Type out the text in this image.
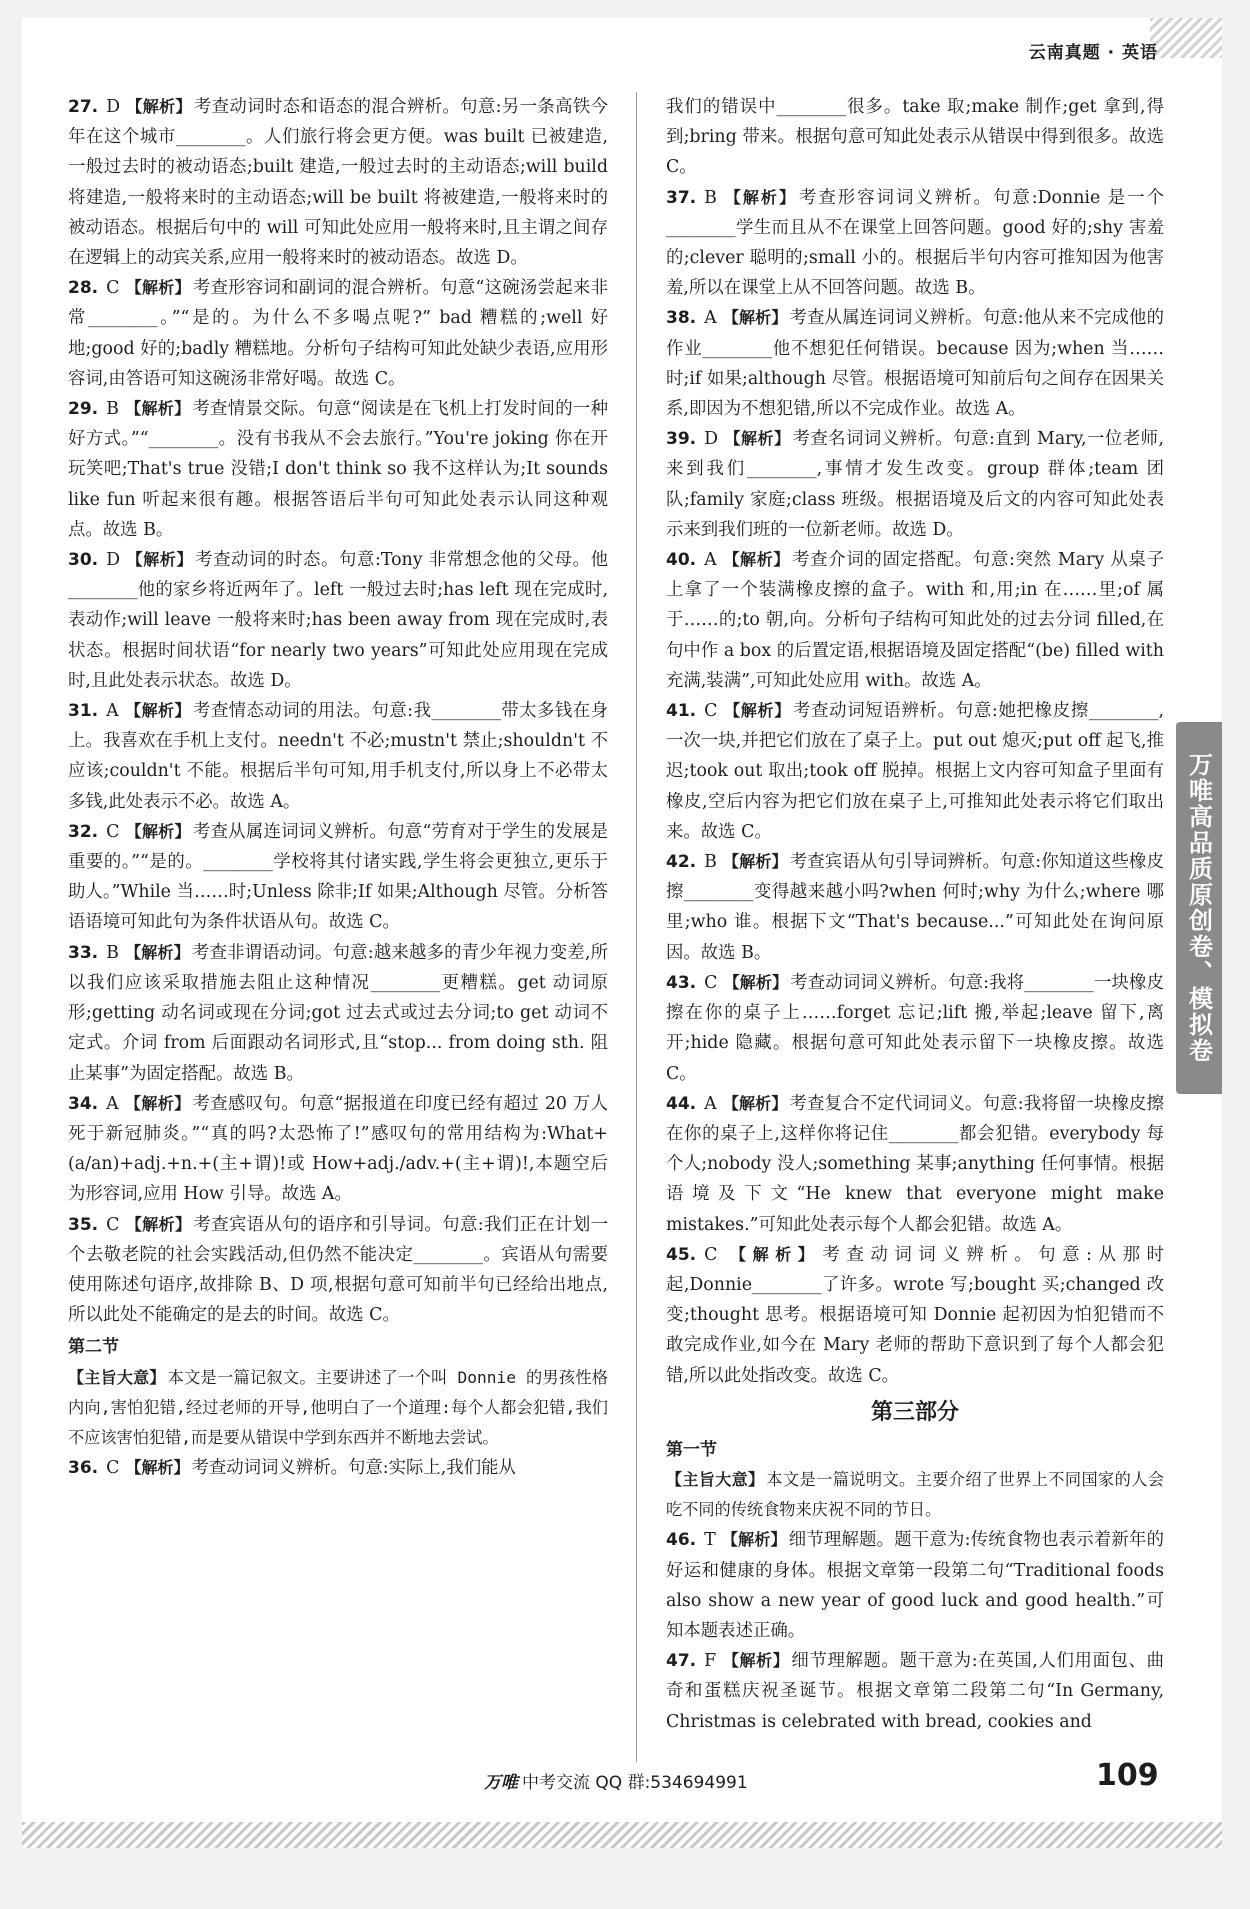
云南真题 · 英语

27. D 【解析】 考查动词时态和语态的混合辨析。句意:另一条高铁今年在这个城市________。人们旅行将会更方便。was built 已被建造,一般过去时的被动语态;built 建造,一般过去时的主动语态;will build 将建造,一般将来时的主动语态;will be built 将被建造,一般将来时的被动语态。根据后句中的 will 可知此处应用一般将来时,且主谓之间存在逻辑上的动宾关系,应用一般将来时的被动语态。故选 D。

28. C 【解析】 考查形容词和副词的混合辨析。句意“这碗汤尝起来非常________。”“是的。为什么不多喝点呢?” bad 糟糕的;well 好地;good 好的;badly 糟糕地。分析句子结构可知此处缺少表语,应用形容词,由答语可知这碗汤非常好喝。故选 C。

29. B 【解析】 考查情景交际。句意“阅读是在飞机上打发时间的一种好方式。”“________。没有书我从不会去旅行。”You're joking 你在开玩笑吧;That's true 没错;I don't think so 我不这样认为;It sounds like fun 听起来很有趣。根据答语后半句可知此处表示认同这种观点。故选 B。

30. D 【解析】 考查动词的时态。句意:Tony 非常想念他的父母。他________他的家乡将近两年了。left 一般过去时;has left 现在完成时,表动作;will leave 一般将来时;has been away from 现在完成时,表状态。根据时间状语“for nearly two years”可知此处应用现在完成时,且此处表示状态。故选 D。

31. A 【解析】 考查情态动词的用法。句意:我________带太多钱在身上。我喜欢在手机上支付。needn't 不必;mustn't 禁止;shouldn't 不应该;couldn't 不能。根据后半句可知,用手机支付,所以身上不必带太多钱,此处表示不必。故选 A。

32. C 【解析】 考查从属连词词义辨析。句意“劳育对于学生的发展是重要的。”“是的。________学校将其付诸实践,学生将会更独立,更乐于助人。”While 当……时;Unless 除非;If 如果;Although 尽管。分析答语语境可知此句为条件状语从句。故选 C。

33. B 【解析】 考查非谓语动词。句意:越来越多的青少年视力变差,所以我们应该采取措施去阻止这种情况________更糟糕。get 动词原形;getting 动名词或现在分词;got 过去式或过去分词;to get 动词不定式。介词 from 后面跟动名词形式,且“stop... from doing sth. 阻止某事”为固定搭配。故选 B。

34. A 【解析】 考查感叹句。句意“据报道在印度已经有超过 20 万人死于新冠肺炎。”“真的吗?太恐怖了!”感叹句的常用结构为:What+(a/an)+adj.+n.+(主+谓)!或 How+adj./adv.+(主+谓)!,本题空后为形容词,应用 How 引导。故选 A。

35. C 【解析】 考查宾语从句的语序和引导词。句意:我们正在计划一个去敬老院的社会实践活动,但仍然不能决定________。宾语从句需要使用陈述句语序,故排除 B、D 项,根据句意可知前半句已经给出地点,所以此处不能确定的是去的时间。故选 C。

第二节

【主旨大意】 本文是一篇记叙文。主要讲述了一个叫 Donnie 的男孩性格内向,害怕犯错,经过老师的开导,他明白了一个道理:每个人都会犯错,我们不应该害怕犯错,而是要从错误中学到东西并不断地去尝试。

36. C 【解析】 考查动词词义辨析。句意:实际上,我们能从

我们的错误中________很多。take 取;make 制作;get 拿到,得到;bring 带来。根据句意可知此处表示从错误中得到很多。故选 C。

37. B 【解析】 考查形容词词义辨析。句意:Donnie 是一个________学生而且从不在课堂上回答问题。good 好的;shy 害羞的;clever 聪明的;small 小的。根据后半句内容可推知因为他害羞,所以在课堂上从不回答问题。故选 B。

38. A 【解析】 考查从属连词词义辨析。句意:他从来不完成他的作业________他不想犯任何错误。because 因为;when 当……时;if 如果;although 尽管。根据语境可知前后句之间存在因果关系,即因为不想犯错,所以不完成作业。故选 A。

39. D 【解析】 考查名词词义辨析。句意:直到 Mary,一位老师,来到我们________,事情才发生改变。group 群体;team 团队;family 家庭;class 班级。根据语境及后文的内容可知此处表示来到我们班的一位新老师。故选 D。

40. A 【解析】 考查介词的固定搭配。句意:突然 Mary 从桌子上拿了一个装满橡皮擦的盒子。with 和,用;in 在……里;of 属于……的;to 朝,向。分析句子结构可知此处的过去分词 filled,在句中作 a box 的后置定语,根据语境及固定搭配“(be) filled with 充满,装满”,可知此处应用 with。故选 A。

41. C 【解析】 考查动词短语辨析。句意:她把橡皮擦________,一次一块,并把它们放在了桌子上。put out 熄灭;put off 起飞,推迟;took out 取出;took off 脱掉。根据上文内容可知盒子里面有橡皮,空后内容为把它们放在桌子上,可推知此处表示将它们取出来。故选 C。

42. B 【解析】 考查宾语从句引导词辨析。句意:你知道这些橡皮擦________变得越来越小吗?when 何时;why 为什么;where 哪里;who 谁。根据下文“That's because...”可知此处在询问原因。故选 B。

43. C 【解析】 考查动词词义辨析。句意:我将________一块橡皮擦在你的桌子上……forget 忘记;lift 搬,举起;leave 留下,离开;hide 隐藏。根据句意可知此处表示留下一块橡皮擦。故选 C。

44. A 【解析】 考查复合不定代词词义。句意:我将留一块橡皮擦在你的桌子上,这样你将记住________都会犯错。everybody 每个人;nobody 没人;something 某事;anything 任何事情。根据语境及下文“He knew that everyone might make mistakes.”可知此处表示每个人都会犯错。故选 A。

45. C 【解析】 考查动词词义辨析。句意:从那时起,Donnie________了许多。wrote 写;bought 买;changed 改变;thought 思考。根据语境可知 Donnie 起初因为怕犯错而不敢完成作业,如今在 Mary 老师的帮助下意识到了每个人都会犯错,所以此处指改变。故选 C。

第三部分

第一节

【主旨大意】 本文是一篇说明文。主要介绍了世界上不同国家的人会吃不同的传统食物来庆祝不同的节日。

46. T 【解析】 细节理解题。题干意为:传统食物也表示着新年的好运和健康的身体。根据文章第一段第二句“Traditional foods also show a new year of good luck and good health.”可知本题表述正确。

47. F 【解析】 细节理解题。题干意为:在英国,人们用面包、曲奇和蛋糕庆祝圣诞节。根据文章第二段第二句“In Germany, Christmas is celebrated with bread, cookies and

万唯高品质原创卷、模拟卷
万唯 中考交流 QQ 群:534694991	109
